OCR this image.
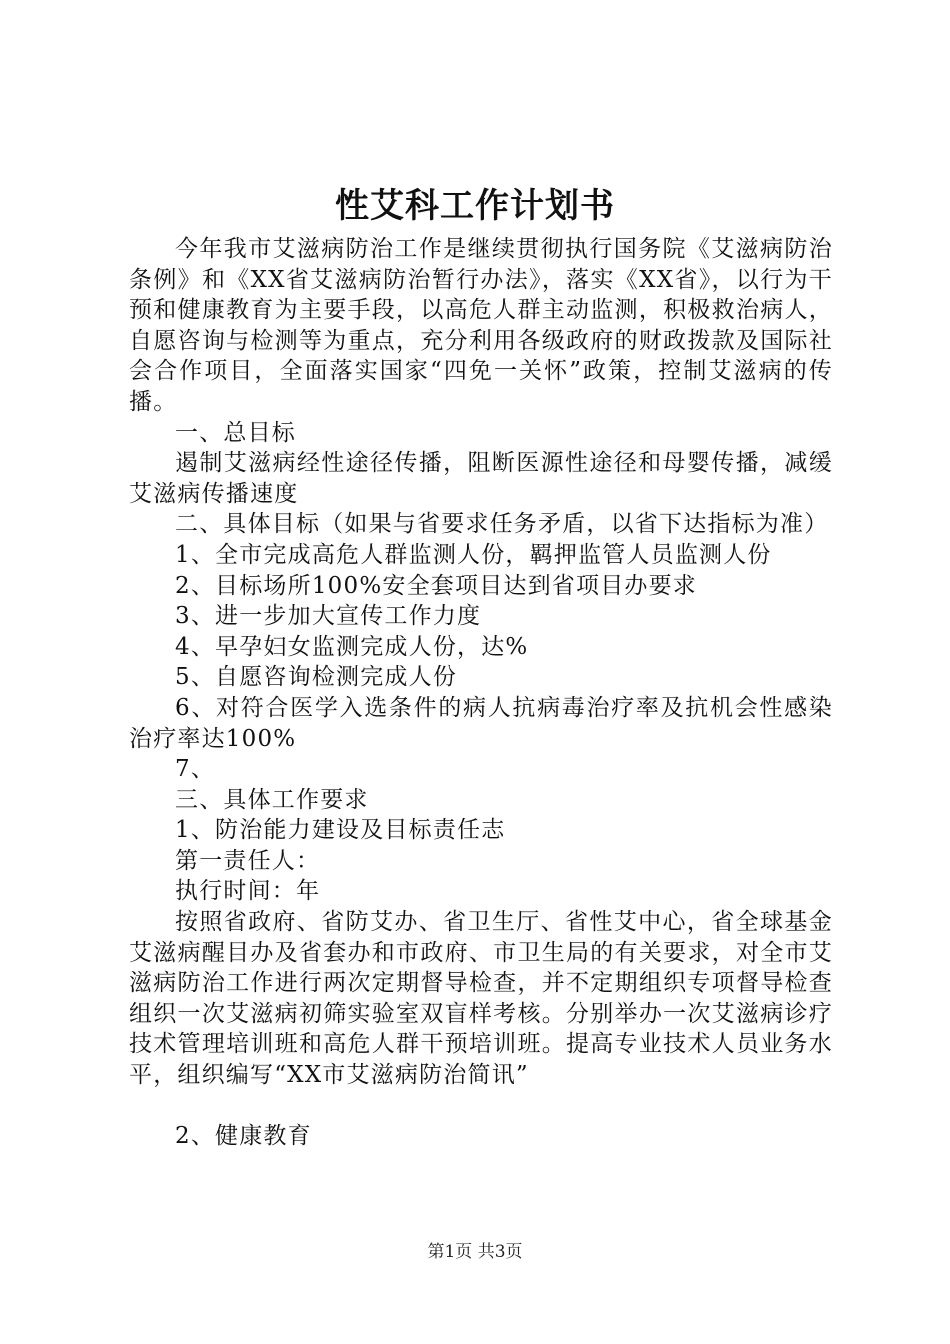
性艾科工作计划书

今年我市艾滋病防治工作是继续贯彻执行国务院《艾滋病防治条例》和《XX省艾滋病防治暂行办法》，落实《XX省》，以行为干预和健康教育为主要手段，以高危人群主动监测，积极救治病人，自愿咨询与检测等为重点，充分利用各级政府的财政拨款及国际社会合作项目，全面落实国家“四免一关怀”政策，控制艾滋病的传播。

一、总目标

遏制艾滋病经性途径传播，阻断医源性途径和母婴传播，减缓艾滋病传播速度

二、具体目标（如果与省要求任务矛盾，以省下达指标为准）

1、全市完成高危人群监测人份，羁押监管人员监测人份

2、目标场所100%安全套项目达到省项目办要求

3、进一步加大宣传工作力度

4、早孕妇女监测完成人份，达%

5、自愿咨询检测完成人份

6、对符合医学入选条件的病人抗病毒治疗率及抗机会性感染治疗率达100%

7、

三、具体工作要求

1、防治能力建设及目标责任志

第一责任人：

执行时间：年

按照省政府、省防艾办、省卫生厅、省性艾中心，省全球基金艾滋病醒目办及省套办和市政府、市卫生局的有关要求，对全市艾滋病防治工作进行两次定期督导检查，并不定期组织专项督导检查组织一次艾滋病初筛实验室双盲样考核。分别举办一次艾滋病诊疗技术管理培训班和高危人群干预培训班。提高专业技术人员业务水平，组织编写“XX市艾滋病防治简讯”

2、健康教育

第1页 共3页
